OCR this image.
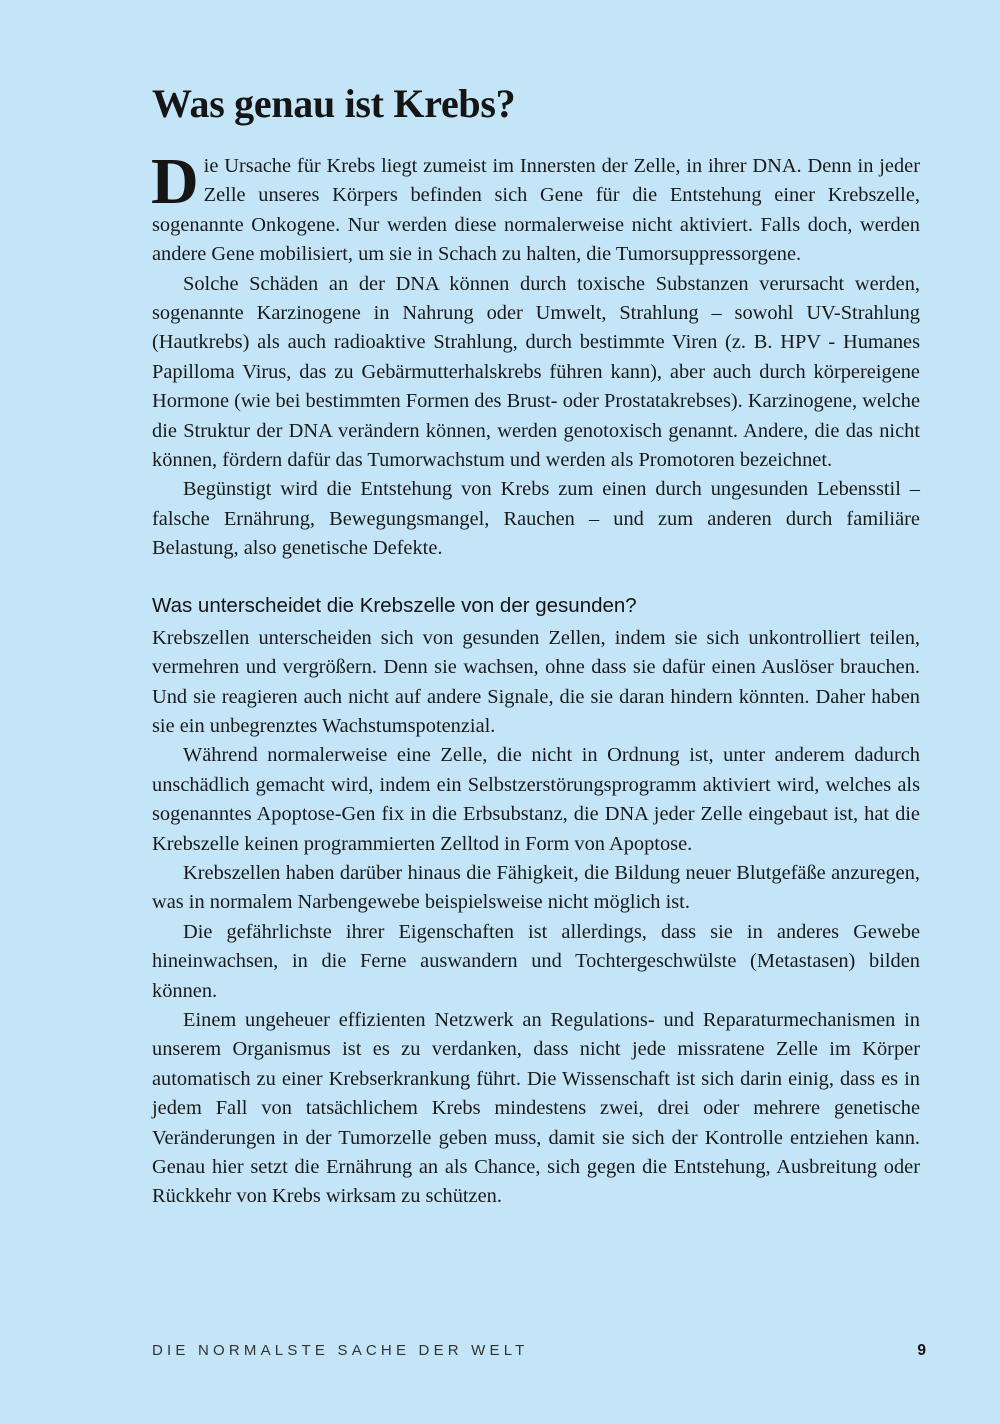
Was genau ist Krebs?

Die Ursache für Krebs liegt zumeist im Innersten der Zelle, in ihrer DNA. Denn in jeder Zelle unseres Körpers befinden sich Gene für die Entstehung einer Krebszelle, sogenannte Onkogene. Nur werden diese normalerweise nicht aktiviert. Falls doch, werden andere Gene mobilisiert, um sie in Schach zu halten, die Tumorsuppressorgene.

Solche Schäden an der DNA können durch toxische Substanzen verursacht werden, sogenannte Karzinogene in Nahrung oder Umwelt, Strahlung – sowohl UV-Strahlung (Hautkrebs) als auch radioaktive Strahlung, durch bestimmte Viren (z. B. HPV - Humanes Papilloma Virus, das zu Gebärmutterhalskrebs führen kann), aber auch durch körpereigene Hormone (wie bei bestimmten Formen des Brust- oder Prostatakrebses). Karzinogene, welche die Struktur der DNA verändern können, werden genotoxisch genannt. Andere, die das nicht können, fördern dafür das Tumorwachstum und werden als Promotoren bezeichnet.

Begünstigt wird die Entstehung von Krebs zum einen durch ungesunden Lebensstil – falsche Ernährung, Bewegungsmangel, Rauchen – und zum anderen durch familiäre Belastung, also genetische Defekte.

Was unterscheidet die Krebszelle von der gesunden?

Krebszellen unterscheiden sich von gesunden Zellen, indem sie sich unkontrolliert teilen, vermehren und vergrößern. Denn sie wachsen, ohne dass sie dafür einen Auslöser brauchen. Und sie reagieren auch nicht auf andere Signale, die sie daran hindern könnten. Daher haben sie ein unbegrenztes Wachstumspotenzial.

Während normalerweise eine Zelle, die nicht in Ordnung ist, unter anderem dadurch unschädlich gemacht wird, indem ein Selbstzerstörungsprogramm aktiviert wird, welches als sogenanntes Apoptose-Gen fix in die Erbsubstanz, die DNA jeder Zelle eingebaut ist, hat die Krebszelle keinen programmierten Zelltod in Form von Apoptose.

Krebszellen haben darüber hinaus die Fähigkeit, die Bildung neuer Blutgefäße anzuregen, was in normalem Narbengewebe beispielsweise nicht möglich ist.

Die gefährlichste ihrer Eigenschaften ist allerdings, dass sie in anderes Gewebe hineinwachsen, in die Ferne auswandern und Tochtergeschwülste (Metastasen) bilden können.

Einem ungeheuer effizienten Netzwerk an Regulations- und Reparaturmechanismen in unserem Organismus ist es zu verdanken, dass nicht jede missratene Zelle im Körper automatisch zu einer Krebserkrankung führt. Die Wissenschaft ist sich darin einig, dass es in jedem Fall von tatsächlichem Krebs mindestens zwei, drei oder mehrere genetische Veränderungen in der Tumorzelle geben muss, damit sie sich der Kontrolle entziehen kann. Genau hier setzt die Ernährung an als Chance, sich gegen die Entstehung, Ausbreitung oder Rückkehr von Krebs wirksam zu schützen.

DIE NORMALSTE SACHE DER WELT	9
